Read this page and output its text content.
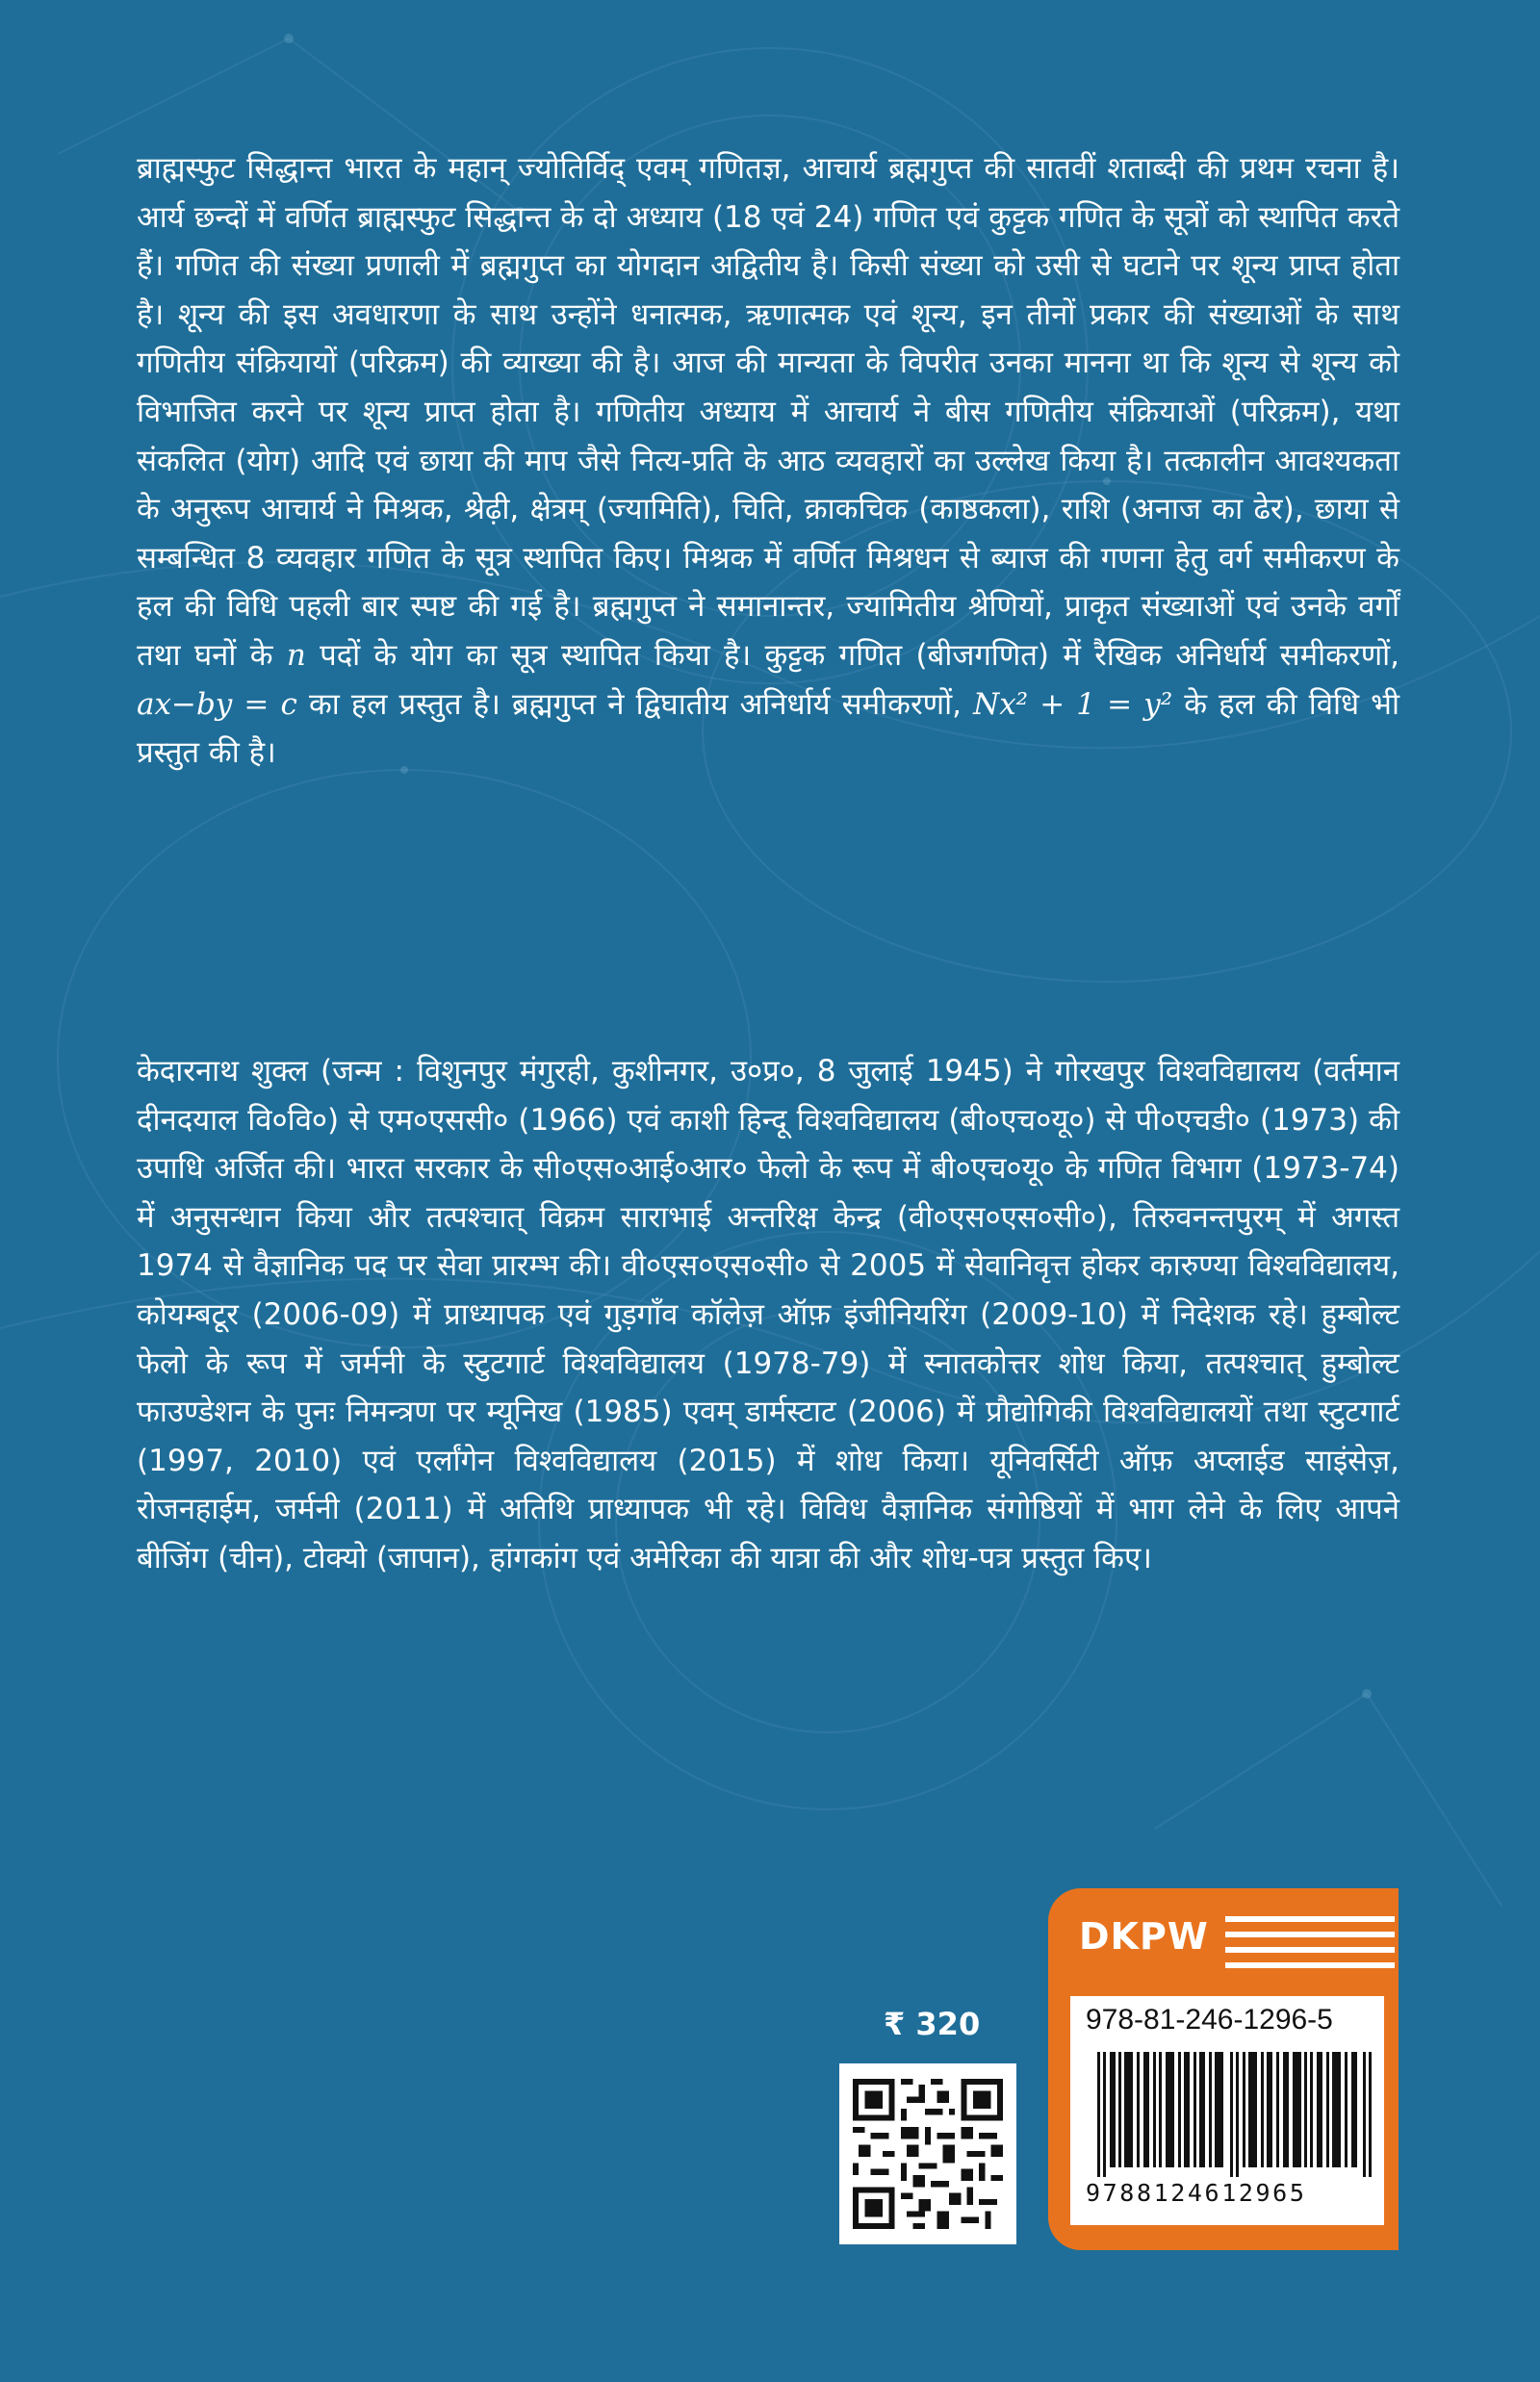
ब्राह्मस्फुट सिद्धान्त भारत के महान् ज्योतिर्विद् एवम् गणितज्ञ, आचार्य ब्रह्मगुप्त की सातवीं शताब्दी की प्रथम रचना है। आर्य छन्दों में वर्णित ब्राह्मस्फुट सिद्धान्त के दो अध्याय (18 एवं 24) गणित एवं कुट्टक गणित के सूत्रों को स्थापित करते हैं। गणित की संख्या प्रणाली में ब्रह्मगुप्त का योगदान अद्वितीय है। किसी संख्या को उसी से घटाने पर शून्य प्राप्त होता है। शून्य की इस अवधारणा के साथ उन्होंने धनात्मक, ऋणात्मक एवं शून्य, इन तीनों प्रकार की संख्याओं के साथ गणितीय संक्रियायों (परिक्रम) की व्याख्या की है। आज की मान्यता के विपरीत उनका मानना था कि शून्य से शून्य को विभाजित करने पर शून्य प्राप्त होता है। गणितीय अध्याय में आचार्य ने बीस गणितीय संक्रियाओं (परिक्रम), यथा संकलित (योग) आदि एवं छाया की माप जैसे नित्य-प्रति के आठ व्यवहारों का उल्लेख किया है। तत्कालीन आवश्यकता के अनुरूप आचार्य ने मिश्रक, श्रेढ़ी, क्षेत्रम् (ज्यामिति), चिति, क्राकचिक (काष्ठकला), राशि (अनाज का ढेर), छाया से सम्बन्धित 8 व्यवहार गणित के सूत्र स्थापित किए। मिश्रक में वर्णित मिश्रधन से ब्याज की गणना हेतु वर्ग समीकरण के हल की विधि पहली बार स्पष्ट की गई है। ब्रह्मगुप्त ने समानान्तर, ज्यामितीय श्रेणियों, प्राकृत संख्याओं एवं उनके वर्गों तथा घनों के n पदों के योग का सूत्र स्थापित किया है। कुट्टक गणित (बीजगणित) में रैखिक अनिर्धार्य समीकरणों, ax−by = c का हल प्रस्तुत है। ब्रह्मगुप्त ने द्विघातीय अनिर्धार्य समीकरणों, Nx² + 1 = y² के हल की विधि भी प्रस्तुत की है।

केदारनाथ शुक्ल (जन्म : विशुनपुर मंगुरही, कुशीनगर, उ०प्र०, 8 जुलाई 1945) ने गोरखपुर विश्वविद्यालय (वर्तमान दीनदयाल वि०वि०) से एम०एससी० (1966) एवं काशी हिन्दू विश्वविद्यालय (बी०एच०यू०) से पी०एचडी० (1973) की उपाधि अर्जित की। भारत सरकार के सी०एस०आई०आर० फेलो के रूप में बी०एच०यू० के गणित विभाग (1973-74) में अनुसन्धान किया और तत्पश्चात् विक्रम साराभाई अन्तरिक्ष केन्द्र (वी०एस०एस०सी०), तिरुवनन्तपुरम् में अगस्त 1974 से वैज्ञानिक पद पर सेवा प्रारम्भ की। वी०एस०एस०सी० से 2005 में सेवानिवृत्त होकर कारुण्या विश्वविद्यालय, कोयम्बटूर (2006-09) में प्राध्यापक एवं गुड़गाँव कॉलेज़ ऑफ़ इंजीनियरिंग (2009-10) में निदेशक रहे। हुम्बोल्ट फेलो के रूप में जर्मनी के स्टुटगार्ट विश्वविद्यालय (1978-79) में स्नातकोत्तर शोध किया, तत्पश्चात् हुम्बोल्ट फाउण्डेशन के पुनः निमन्त्रण पर म्यूनिख (1985) एवम् डार्मस्टाट (2006) में प्रौद्योगिकी विश्वविद्यालयों तथा स्टुटगार्ट (1997, 2010) एवं एर्लांगेन विश्वविद्यालय (2015) में शोध किया। यूनिवर्सिटी ऑफ़ अप्लाईड साइंसेज़, रोजनहाईम, जर्मनी (2011) में अतिथि प्राध्यापक भी रहे। विविध वैज्ञानिक संगोष्ठियों में भाग लेने के लिए आपने बीजिंग (चीन), टोक्यो (जापान), हांगकांग एवं अमेरिका की यात्रा की और शोध-पत्र प्रस्तुत किए।

₹ 320
DKPW
978-81-246-1296-5
9788124612965
